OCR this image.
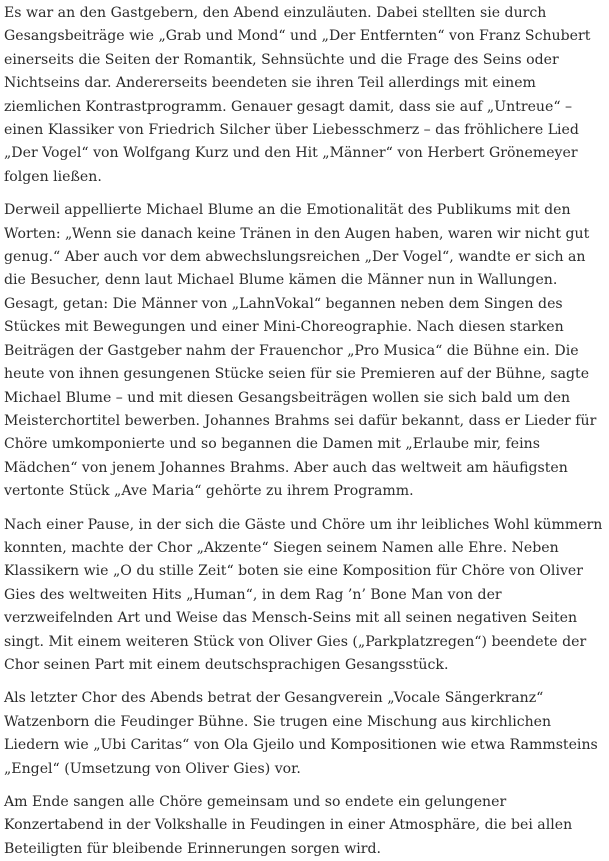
Es war an den Gastgebern, den Abend einzuläuten. Dabei stellten sie durch Gesangsbeiträge wie „Grab und Mond“ und „Der Entfernten“ von Franz Schubert einerseits die Seiten der Romantik, Sehnsüchte und die Frage des Seins oder Nichtseins dar. Andererseits beendeten sie ihren Teil allerdings mit einem ziemlichen Kontrastprogramm. Genauer gesagt damit, dass sie auf „Untreue“ – einen Klassiker von Friedrich Silcher über Liebesschmerz – das fröhlichere Lied „Der Vogel“ von Wolfgang Kurz und den Hit „Männer“ von Herbert Grönemeyer folgen ließen.

Derweil appellierte Michael Blume an die Emotionalität des Publikums mit den Worten: „Wenn sie danach keine Tränen in den Augen haben, waren wir nicht gut genug.“ Aber auch vor dem abwechslungsreichen „Der Vogel“, wandte er sich an die Besucher, denn laut Michael Blume kämen die Männer nun in Wallungen. Gesagt, getan: Die Männer von „LahnVokal“ begannen neben dem Singen des Stückes mit Bewegungen und einer Mini-Choreographie. Nach diesen starken Beiträgen der Gastgeber nahm der Frauenchor „Pro Musica“ die Bühne ein. Die heute von ihnen gesungenen Stücke seien für sie Premieren auf der Bühne, sagte Michael Blume – und mit diesen Gesangsbeiträgen wollen sie sich bald um den Meisterchortitel bewerben. Johannes Brahms sei dafür bekannt, dass er Lieder für Chöre umkomponierte und so begannen die Damen mit „Erlaube mir, feins Mädchen“ von jenem Johannes Brahms. Aber auch das weltweit am häufigsten vertonte Stück „Ave Maria“ gehörte zu ihrem Programm.

Nach einer Pause, in der sich die Gäste und Chöre um ihr leibliches Wohl kümmern konnten, machte der Chor „Akzente“ Siegen seinem Namen alle Ehre. Neben Klassikern wie „O du stille Zeit“ boten sie eine Komposition für Chöre von Oliver Gies des weltweiten Hits „Human“, in dem Rag ’n’ Bone Man von der verzweifelnden Art und Weise das Mensch-Seins mit all seinen negativen Seiten singt. Mit einem weiteren Stück von Oliver Gies („Parkplatzregen“) beendete der Chor seinen Part mit einem deutschsprachigen Gesangsstück.

Als letzter Chor des Abends betrat der Gesangverein „Vocale Sängerkranz“ Watzenborn die Feudinger Bühne. Sie trugen eine Mischung aus kirchlichen Liedern wie „Ubi Caritas“ von Ola Gjeilo und Kompositionen wie etwa Rammsteins „Engel“ (Umsetzung von Oliver Gies) vor.

Am Ende sangen alle Chöre gemeinsam und so endete ein gelungener Konzertabend in der Volkshalle in Feudingen in einer Atmosphäre, die bei allen Beteiligten für bleibende Erinnerungen sorgen wird.
